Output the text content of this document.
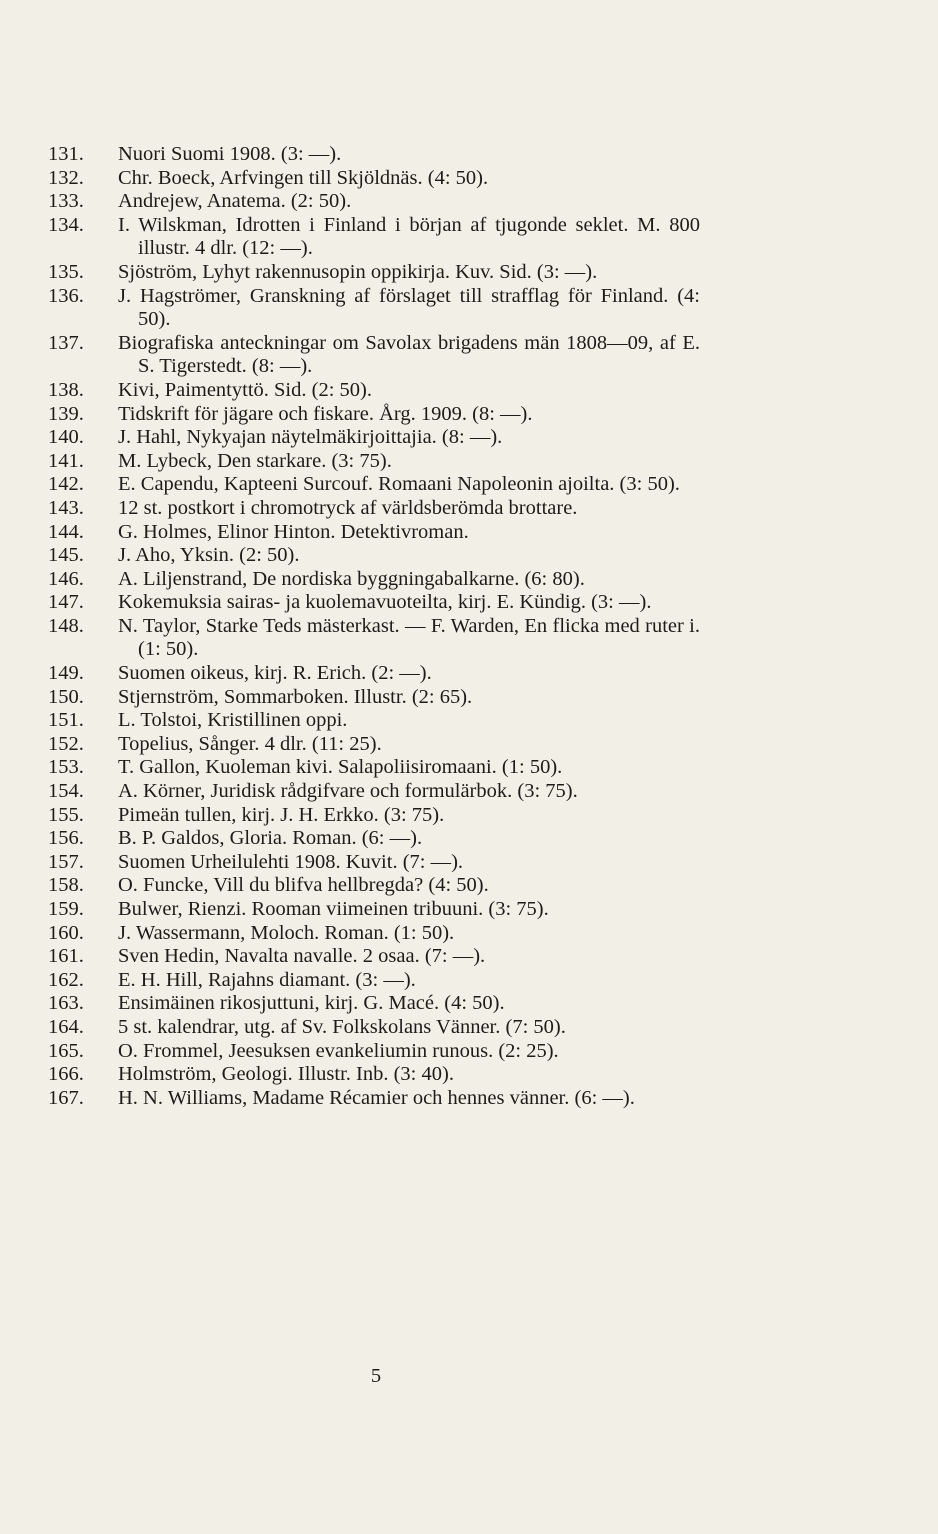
131.	Nuori Suomi 1908. (3: —).
132.	Chr. Boeck, Arfvingen till Skjöldnäs. (4: 50).
133.	Andrejew, Anatema. (2: 50).
134.	I. Wilskman, Idrotten i Finland i början af tjugonde seklet. M. 800 illustr. 4 dlr. (12: —).
135.	Sjöström, Lyhyt rakennusopin oppikirja. Kuv. Sid. (3: —).
136.	J. Hagströmer, Granskning af förslaget till strafflag för Finland. (4: 50).
137.	Biografiska anteckningar om Savolax brigadens män 1808—09, af E. S. Tigerstedt. (8: —).
138.	Kivi, Paimentyttö. Sid. (2: 50).
139.	Tidskrift för jägare och fiskare. Årg. 1909. (8: —).
140.	J. Hahl, Nykyajan näytelmäkirjoittajia. (8: —).
141.	M. Lybeck, Den starkare. (3: 75).
142.	E. Capendu, Kapteeni Surcouf. Romaani Napoleonin ajoilta. (3: 50).
143.	12 st. postkort i chromotryck af världsberömda brottare.
144.	G. Holmes, Elinor Hinton. Detektivroman.
145.	J. Aho, Yksin. (2: 50).
146.	A. Liljenstrand, De nordiska byggningabalkarne. (6: 80).
147.	Kokemuksia sairas- ja kuolemavuoteilta, kirj. E. Kündig. (3: —).
148.	N. Taylor, Starke Teds mästerkast. — F. Warden, En flicka med ruter i. (1: 50).
149.	Suomen oikeus, kirj. R. Erich. (2: —).
150.	Stjernström, Sommarboken. Illustr. (2: 65).
151.	L. Tolstoi, Kristillinen oppi.
152.	Topelius, Sånger. 4 dlr. (11: 25).
153.	T. Gallon, Kuoleman kivi. Salapoliisiromaani. (1: 50).
154.	A. Körner, Juridisk rådgifvare och formulärbok. (3: 75).
155.	Pimeän tullen, kirj. J. H. Erkko. (3: 75).
156.	B. P. Galdos, Gloria. Roman. (6: —).
157.	Suomen Urheilulehti 1908. Kuvit. (7: —).
158.	O. Funcke, Vill du blifva hellbregda? (4: 50).
159.	Bulwer, Rienzi. Rooman viimeinen tribuuni. (3: 75).
160.	J. Wassermann, Moloch. Roman. (1: 50).
161.	Sven Hedin, Navalta navalle. 2 osaa. (7: —).
162.	E. H. Hill, Rajahns diamant. (3: —).
163.	Ensimäinen rikosjuttuni, kirj. G. Macé. (4: 50).
164.	5 st. kalendrar, utg. af Sv. Folkskolans Vänner. (7: 50).
165.	O. Frommel, Jeesuksen evankeliumin runous. (2: 25).
166.	Holmström, Geologi. Illustr. Inb. (3: 40).
167.	H. N. Williams, Madame Récamier och hennes vänner. (6: —).
5
